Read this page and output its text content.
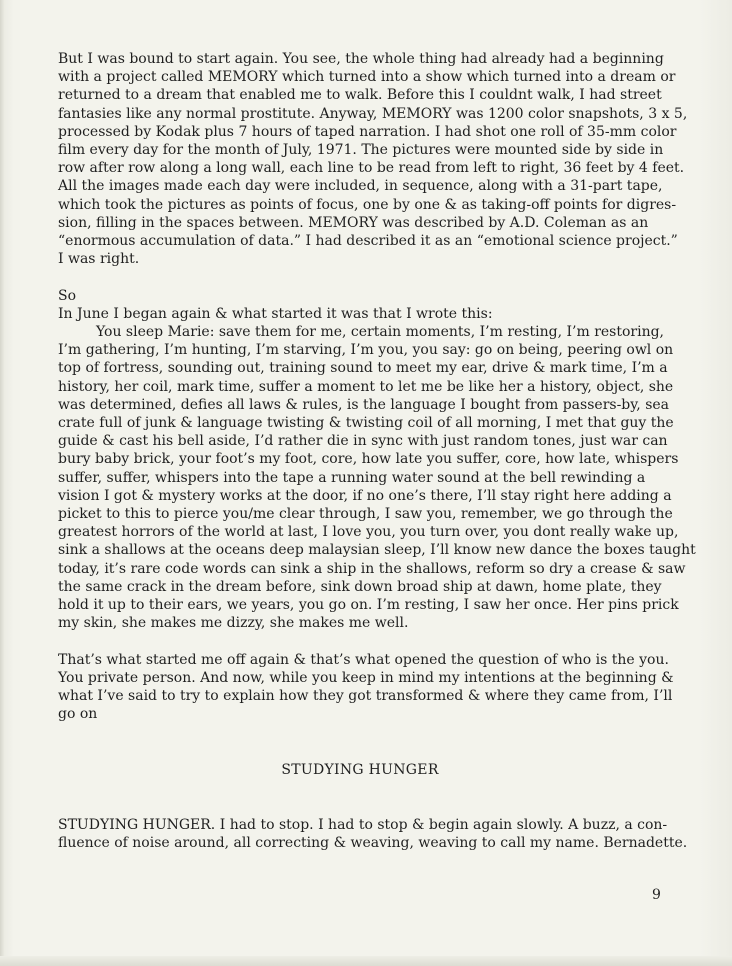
But I was bound to start again. You see, the whole thing had already had a beginning
with a project called MEMORY which turned into a show which turned into a dream or
returned to a dream that enabled me to walk. Before this I couldnt walk, I had street
fantasies like any normal prostitute. Anyway, MEMORY was 1200 color snapshots, 3 x 5,
processed by Kodak plus 7 hours of taped narration. I had shot one roll of 35-mm color
film every day for the month of July, 1971. The pictures were mounted side by side in
row after row along a long wall, each line to be read from left to right, 36 feet by 4 feet.
All the images made each day were included, in sequence, along with a 31-part tape,
which took the pictures as points of focus, one by one & as taking-off points for digres-
sion, filling in the spaces between. MEMORY was described by A.D. Coleman as an
“enormous accumulation of data.” I had described it as an “emotional science project.”
I was right.
So
In June I began again & what started it was that I wrote this:
You sleep Marie: save them for me, certain moments, I’m resting, I’m restoring,
I’m gathering, I’m hunting, I’m starving, I’m you, you say: go on being, peering owl on
top of fortress, sounding out, training sound to meet my ear, drive & mark time, I’m a
history, her coil, mark time, suffer a moment to let me be like her a history, object, she
was determined, defies all laws & rules, is the language I bought from passers-by, sea
crate full of junk & language twisting & twisting coil of all morning, I met that guy the
guide & cast his bell aside, I’d rather die in sync with just random tones, just war can
bury baby brick, your foot’s my foot, core, how late you suffer, core, how late, whispers
suffer, suffer, whispers into the tape a running water sound at the bell rewinding a
vision I got & mystery works at the door, if no one’s there, I’ll stay right here adding a
picket to this to pierce you/me clear through, I saw you, remember, we go through the
greatest horrors of the world at last, I love you, you turn over, you dont really wake up,
sink a shallows at the oceans deep malaysian sleep, I’ll know new dance the boxes taught
today, it’s rare code words can sink a ship in the shallows, reform so dry a crease & saw
the same crack in the dream before, sink down broad ship at dawn, home plate, they
hold it up to their ears, we years, you go on. I’m resting, I saw her once. Her pins prick
my skin, she makes me dizzy, she makes me well.
That’s what started me off again & that’s what opened the question of who is the you.
You private person. And now, while you keep in mind my intentions at the beginning &
what I’ve said to try to explain how they got transformed & where they came from, I’ll
go on
STUDYING HUNGER
STUDYING HUNGER. I had to stop. I had to stop & begin again slowly. A buzz, a con-
fluence of noise around, all correcting & weaving, weaving to call my name. Bernadette.
9
